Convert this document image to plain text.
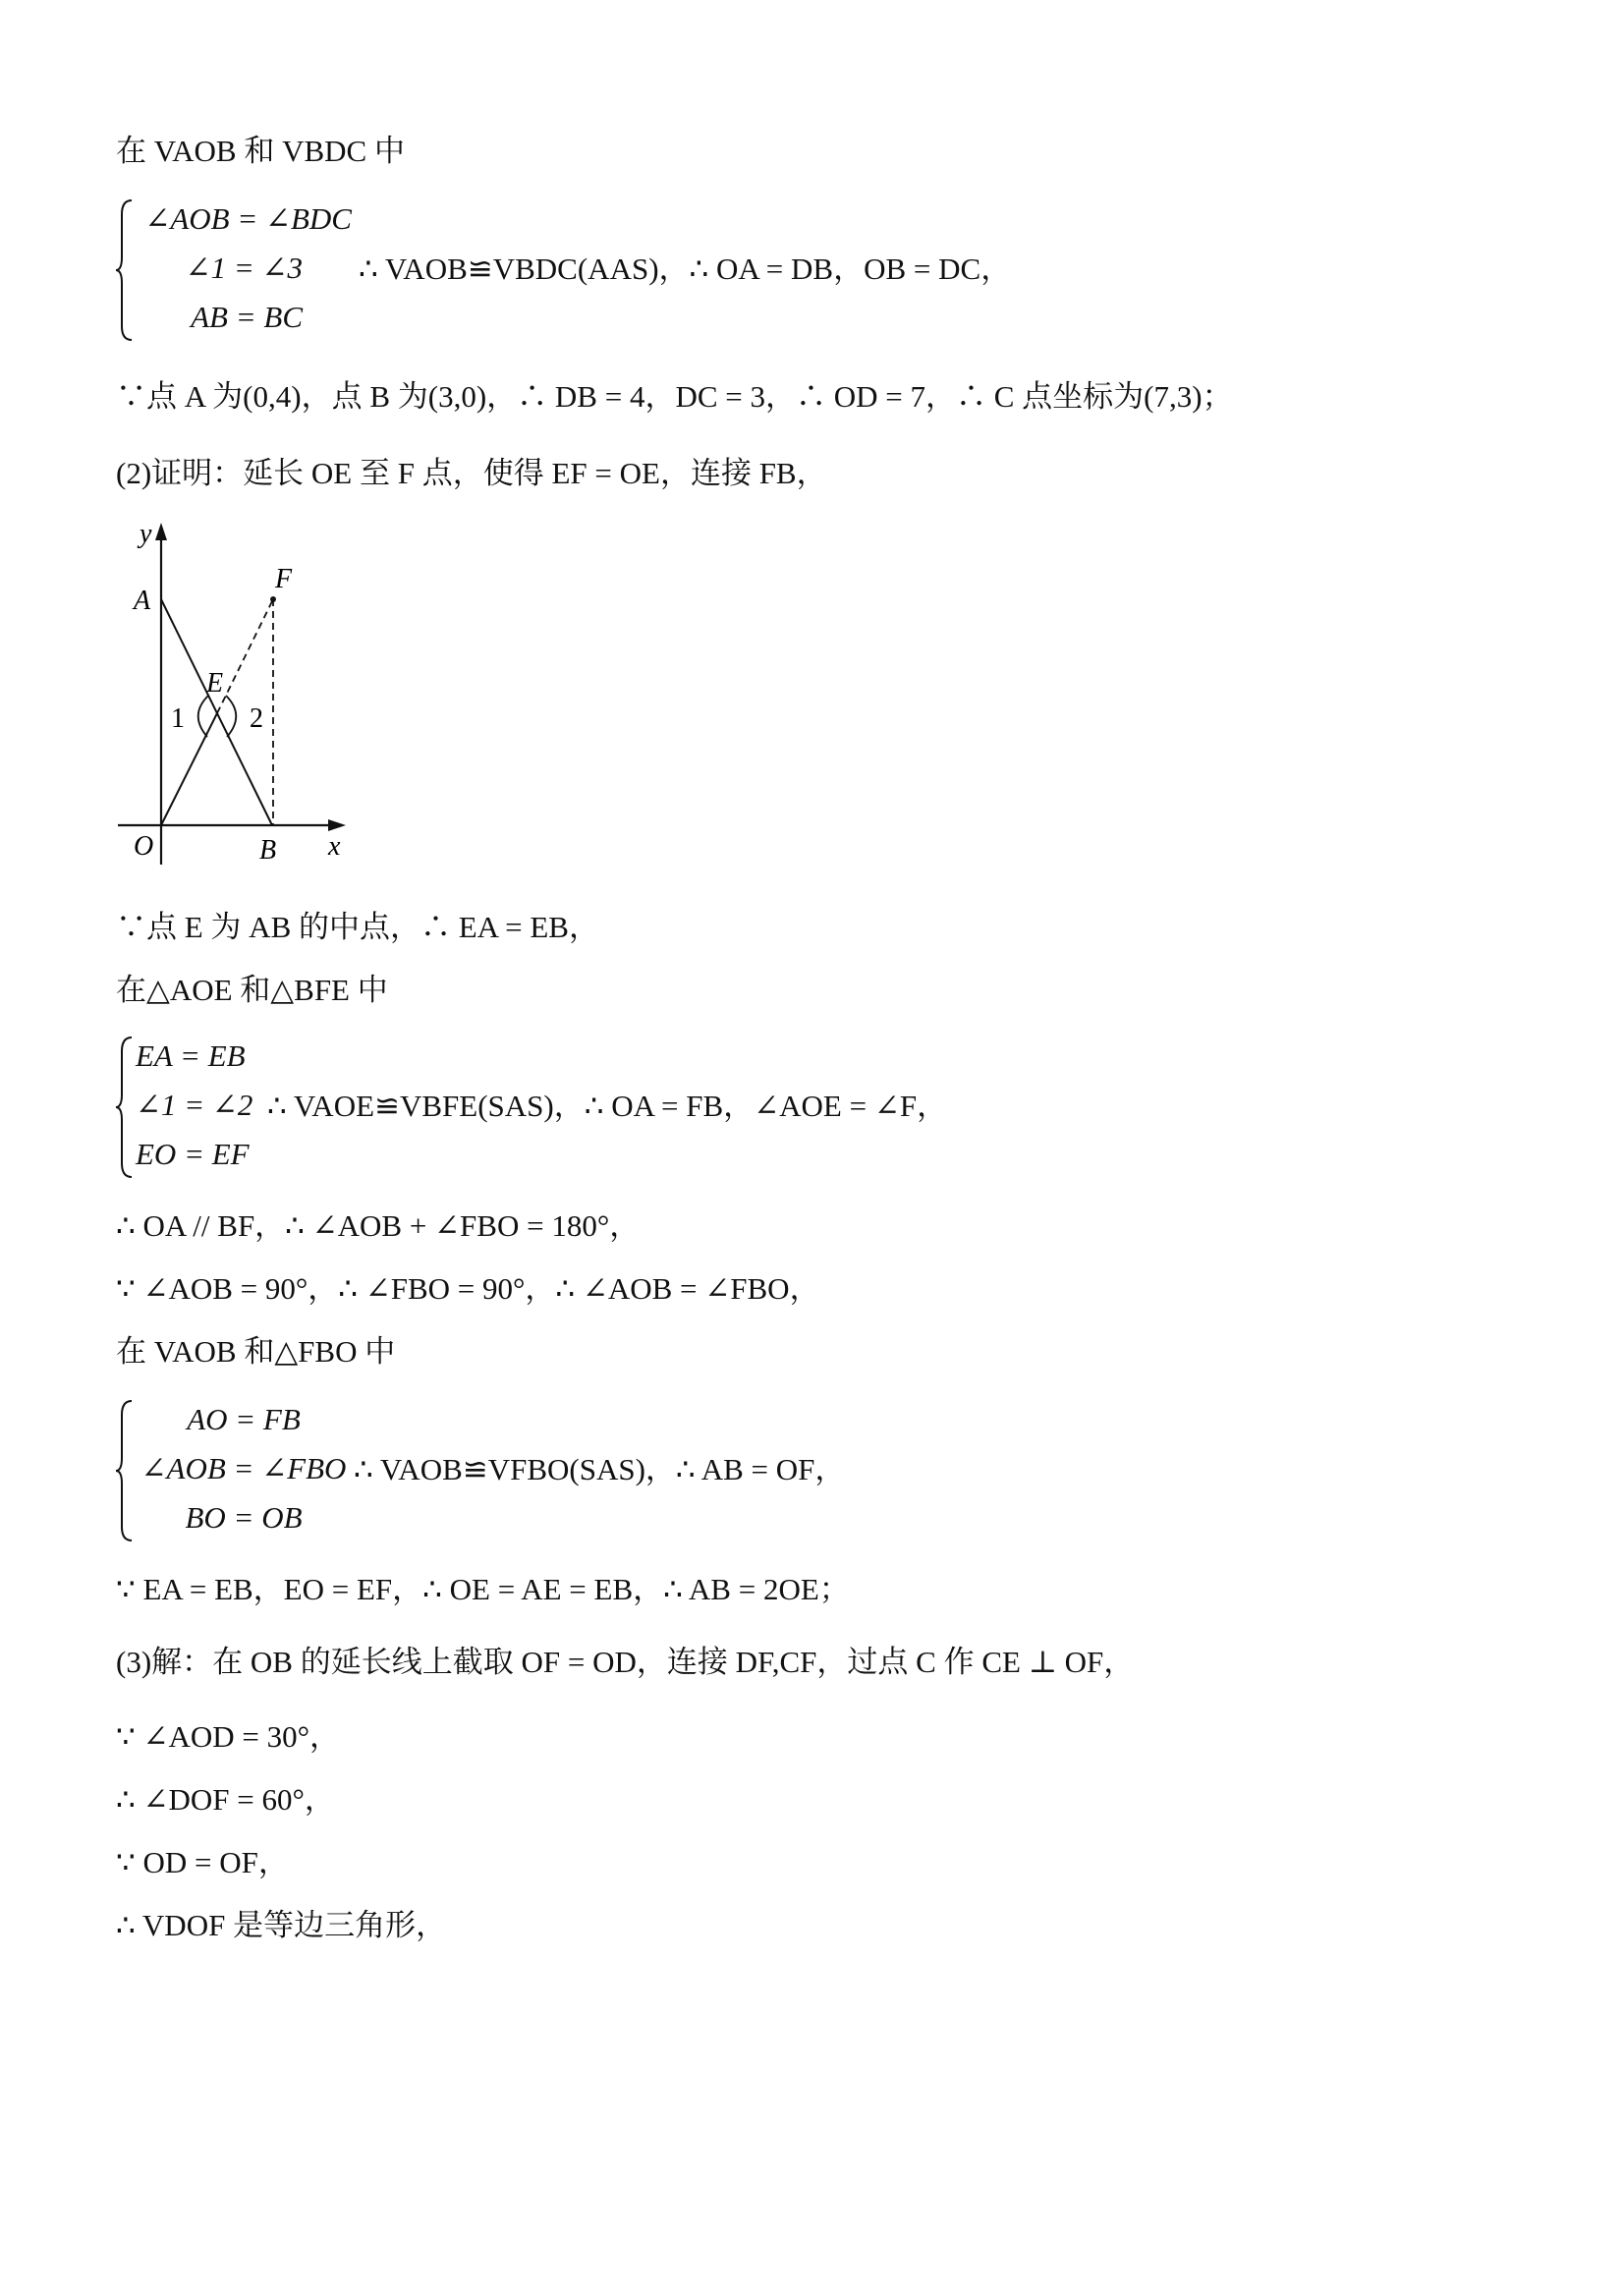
在 VAOB 和 VBDC 中
∠AOB = ∠BDC
∠1 = ∠3
AB = BC
∴ VAOB≌VBDC(AAS)，∴ OA = DB，OB = DC，
∵点 A 为(0,4)，点 B 为(3,0)，∴ DB = 4，DC = 3，∴ OD = 7，∴ C 点坐标为(7,3)；
(2)证明：延长 OE 至 F 点，使得 EF = OE，连接 FB，
y
A
F
E
1 2
O	B x
∵点 E 为 AB 的中点，∴ EA = EB，
在△AOE 和△BFE 中
EA = EB
∠1 = ∠2
EO = EF
∴ VAOE≌VBFE(SAS)，∴ OA = FB，∠AOE = ∠F，
∴ OA // BF，∴ ∠AOB + ∠FBO = 180°，
∵ ∠AOB = 90°，∴ ∠FBO = 90°，∴ ∠AOB = ∠FBO，
在 VAOB 和△FBO 中
AO = FB
∠AOB = ∠FBO
BO = OB
∴ VAOB≌VFBO(SAS)，∴ AB = OF，
∵ EA = EB，EO = EF，∴ OE = AE = EB，∴ AB = 2OE；
(3)解：在 OB 的延长线上截取 OF = OD，连接 DF,CF，过点 C 作 CE ⊥ OF，
∵ ∠AOD = 30°，
∴ ∠DOF = 60°，
∵ OD = OF，
∴ VDOF 是等边三角形，
